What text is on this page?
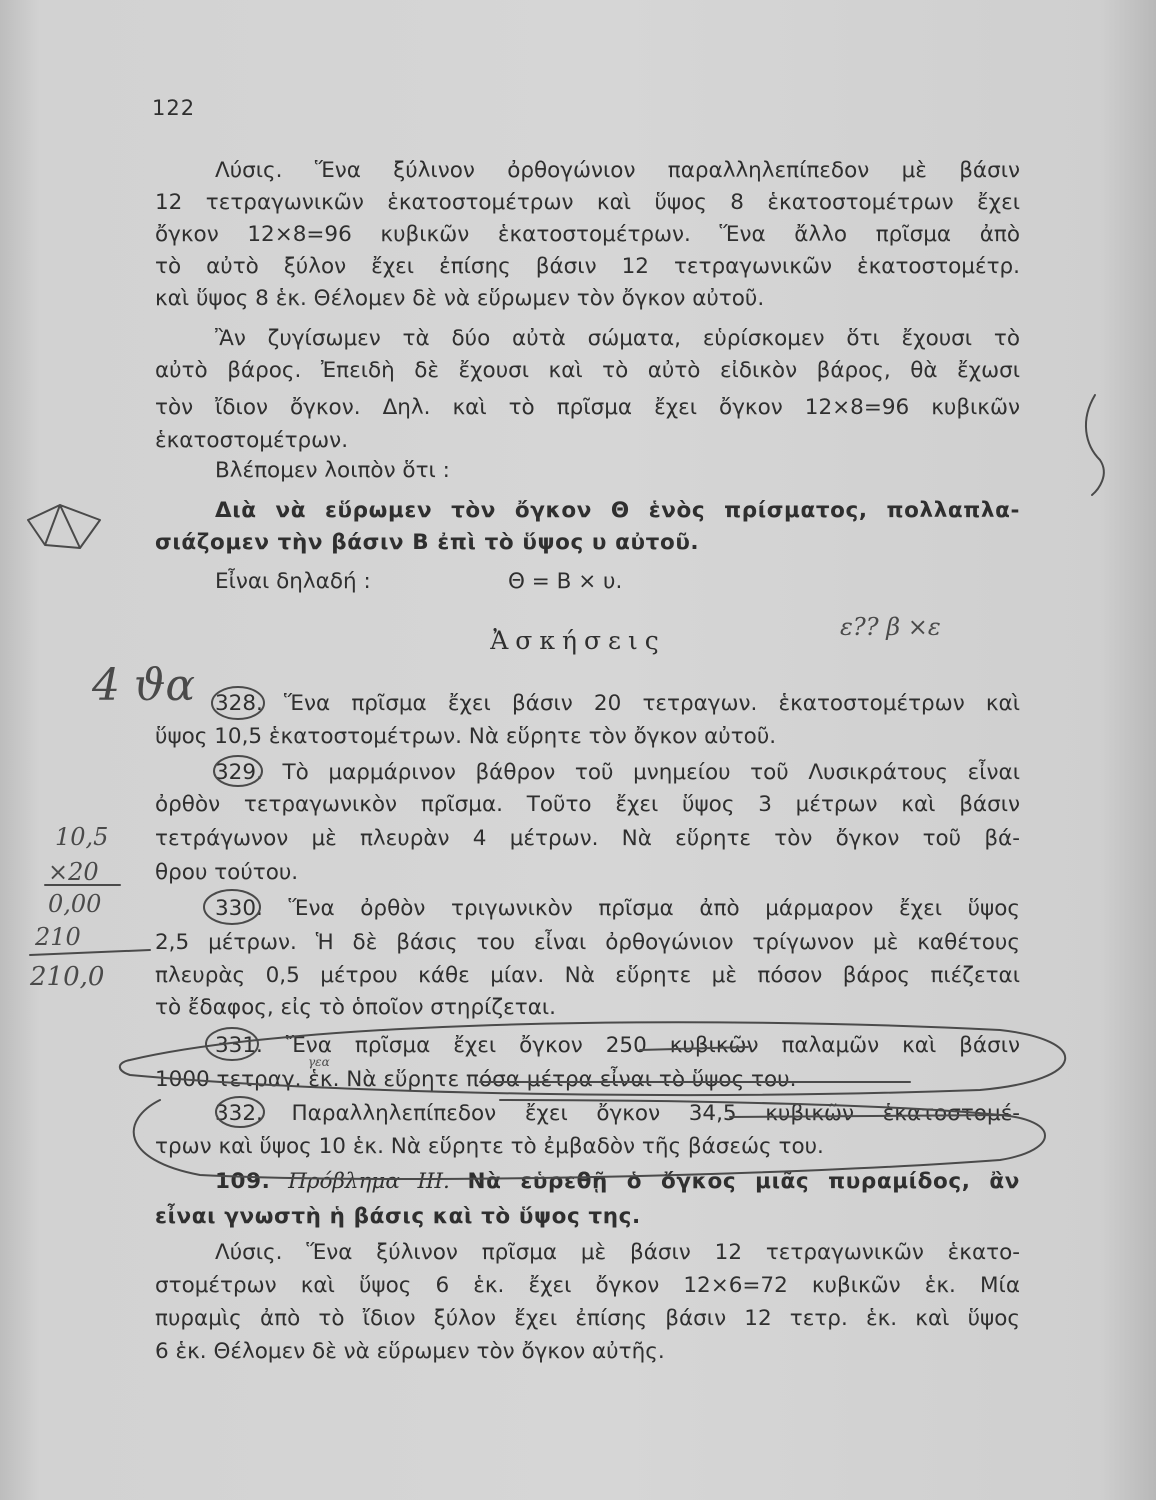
122
Λύσις. Ἕνα ξύλινον ὀρθογώνιον παραλληλεπίπεδον μὲ βάσιν
12 τετραγωνικῶν ἑκατοστομέτρων καὶ ὕψος 8 ἑκατοστομέτρων ἔχει
ὄγκον 12×8=96 κυβικῶν ἑκατοστομέτρων. Ἕνα ἄλλο πρῖσμα ἀπὸ
τὸ αὐτὸ ξύλον ἔχει ἐπίσης βάσιν 12 τετραγωνικῶν ἑκατοστομέτρ.
καὶ ὕψος 8 ἑκ. Θέλομεν δὲ νὰ εὕρωμεν τὸν ὄγκον αὐτοῦ.
Ἂν ζυγίσωμεν τὰ δύο αὐτὰ σώματα, εὑρίσκομεν ὅτι ἔχουσι τὸ
αὐτὸ βάρος. Ἐπειδὴ δὲ ἔχουσι καὶ τὸ αὐτὸ εἰδικὸν βάρος, θὰ ἔχωσι
τὸν ἴδιον ὄγκον. Δηλ. καὶ τὸ πρῖσμα ἔχει ὄγκον 12×8=96 κυβικῶν
ἑκατοστομέτρων.
Βλέπομεν λοιπὸν ὅτι :
Διὰ νὰ εὕρωμεν τὸν ὄγκον Θ ἑνὸς πρίσματος, πολλαπλα-
σιάζομεν τὴν βάσιν Β ἐπὶ τὸ ὕψος υ αὐτοῦ.
Εἶναι δηλαδή :	Θ = Β × υ.
Ἀσκήσεις
328. Ἕνα πρῖσμα ἔχει βάσιν 20 τετραγων. ἑκατοστομέτρων καὶ
ὕψος 10,5 ἑκατοστομέτρων. Νὰ εὕρητε τὸν ὄγκον αὐτοῦ.
329. Τὸ μαρμάρινον βάθρον τοῦ μνημείου τοῦ Λυσικράτους εἶναι
ὀρθὸν τετραγωνικὸν πρῖσμα. Τοῦτο ἔχει ὕψος 3 μέτρων καὶ βάσιν
τετράγωνον μὲ πλευρὰν 4 μέτρων. Νὰ εὕρητε τὸν ὄγκον τοῦ βά-
θρου τούτου.
330. Ἕνα ὀρθὸν τριγωνικὸν πρῖσμα ἀπὸ μάρμαρον ἔχει ὕψος
2,5 μέτρων. Ἡ δὲ βάσις του εἶναι ὀρθογώνιον τρίγωνον μὲ καθέτους
πλευρὰς 0,5 μέτρου κάθε μίαν. Νὰ εὕρητε μὲ πόσον βάρος πιέζεται
τὸ ἔδαφος, εἰς τὸ ὁποῖον στηρίζεται.
331. Ἕνα πρῖσμα ἔχει ὄγκον 250 κυβικῶν παλαμῶν καὶ βάσιν
1000 τετραγ. ἑκ. Νὰ εὕρητε πόσα μέτρα εἶναι τὸ ὕψος του.
332. Παραλληλεπίπεδον ἔχει ὄγκον 34,5 κυβικῶν ἑκατοστομέ-
τρων καὶ ὕψος 10 ἑκ. Νὰ εὕρητε τὸ ἐμβαδὸν τῆς βάσεώς του.
109. Πρόβλημα ΙΙΙ. Νὰ εὑρεθῇ ὁ ὄγκος μιᾶς πυραμίδος, ἂν
εἶναι γνωστὴ ἡ βάσις καὶ τὸ ὕψος της.
Λύσις. Ἕνα ξύλινον πρῖσμα μὲ βάσιν 12 τετραγωνικῶν ἑκατο-
στομέτρων καὶ ὕψος 6 ἑκ. ἔχει ὄγκον 12×6=72 κυβικῶν ἑκ. Μία
πυραμὶς ἀπὸ τὸ ἴδιον ξύλον ἔχει ἐπίσης βάσιν 12 τετρ. ἑκ. καὶ ὕψος
6 ἑκ. Θέλομεν δὲ νὰ εὕρωμεν τὸν ὄγκον αὐτῆς.
4 ϑα
10,5
×20
0,00
210
210,0
ε?? β ×ε
γεα
